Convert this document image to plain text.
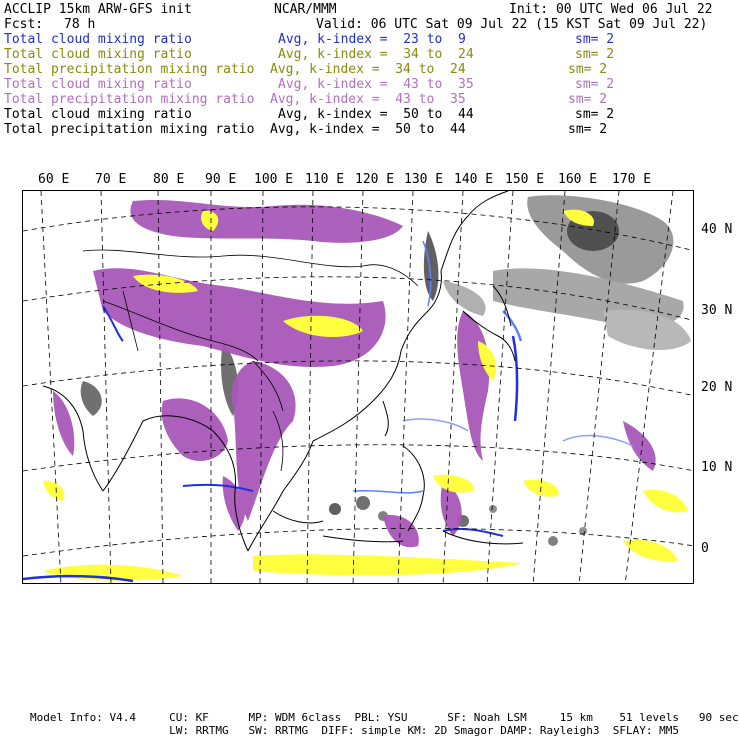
ACCLIP 15km ARW-GFS init	NCAR/MMM	Init: 00 UTC Wed 06 Jul 22
Fcst: 78 h	Valid: 06 UTC Sat 09 Jul 22 (15 KST Sat 09 Jul 22)
Total cloud mixing ratio	Avg, k-index =  23 to  9	sm= 2
Total cloud mixing ratio	Avg, k-index =  34 to  24	sm= 2
Total precipitation mixing ratio Avg, k-index =  34 to  24	sm= 2
Total cloud mixing ratio	Avg, k-index =  43 to  35	sm= 2
Total precipitation mixing ratio Avg, k-index =  43 to  35	sm= 2
Total cloud mixing ratio	Avg, k-index =  50 to  44	sm= 2
Total precipitation mixing ratio Avg, k-index =  50 to  44	sm= 2
60 E 70 E 80 E 90 E 100 E 110 E 120 E 130 E 140 E 150 E 160 E 170 E
40 N
30 N
20 N
10 N
0
Model Info: V4.4     CU: KF      MP: WDM 6class  PBL: YSU      SF: Noah LSM     15 km    51 levels   90 sec
LW: RRTMG   SW: RRTMG  DIFF: simple KM: 2D Smagor DAMP: Rayleigh3  SFLAY: MM5
